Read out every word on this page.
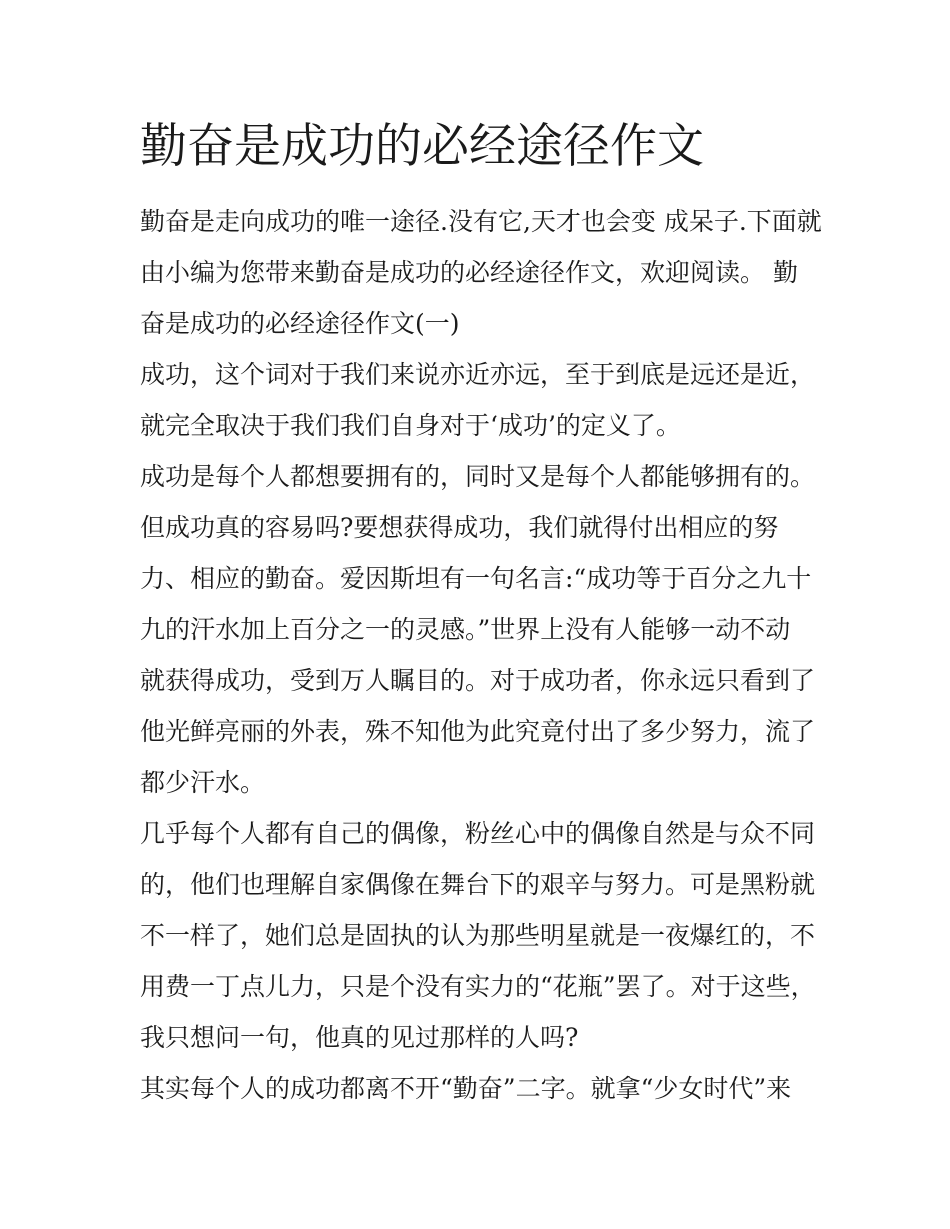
勤奋是成功的必经途径作文
勤奋是走向成功的唯一途径.没有它,天才也会变 成呆子.下面就
由小编为您带来勤奋是成功的必经途径作文，欢迎阅读。 勤
奋是成功的必经途径作文(一)
成功，这个词对于我们来说亦近亦远，至于到底是远还是近，
就完全取决于我们我们自身对于‘成功’的定义了。
成功是每个人都想要拥有的，同时又是每个人都能够拥有的。
但成功真的容易吗?要想获得成功，我们就得付出相应的努
力、相应的勤奋。爱因斯坦有一句名言:“成功等于百分之九十
九的汗水加上百分之一的灵感。”世界上没有人能够一动不动
就获得成功，受到万人瞩目的。对于成功者，你永远只看到了
他光鲜亮丽的外表，殊不知他为此究竟付出了多少努力，流了
都少汗水。
几乎每个人都有自己的偶像，粉丝心中的偶像自然是与众不同
的，他们也理解自家偶像在舞台下的艰辛与努力。可是黑粉就
不一样了，她们总是固执的认为那些明星就是一夜爆红的，不
用费一丁点儿力，只是个没有实力的“花瓶”罢了。对于这些，
我只想问一句，他真的见过那样的人吗?
其实每个人的成功都离不开“勤奋”二字。就拿“少女时代”来
